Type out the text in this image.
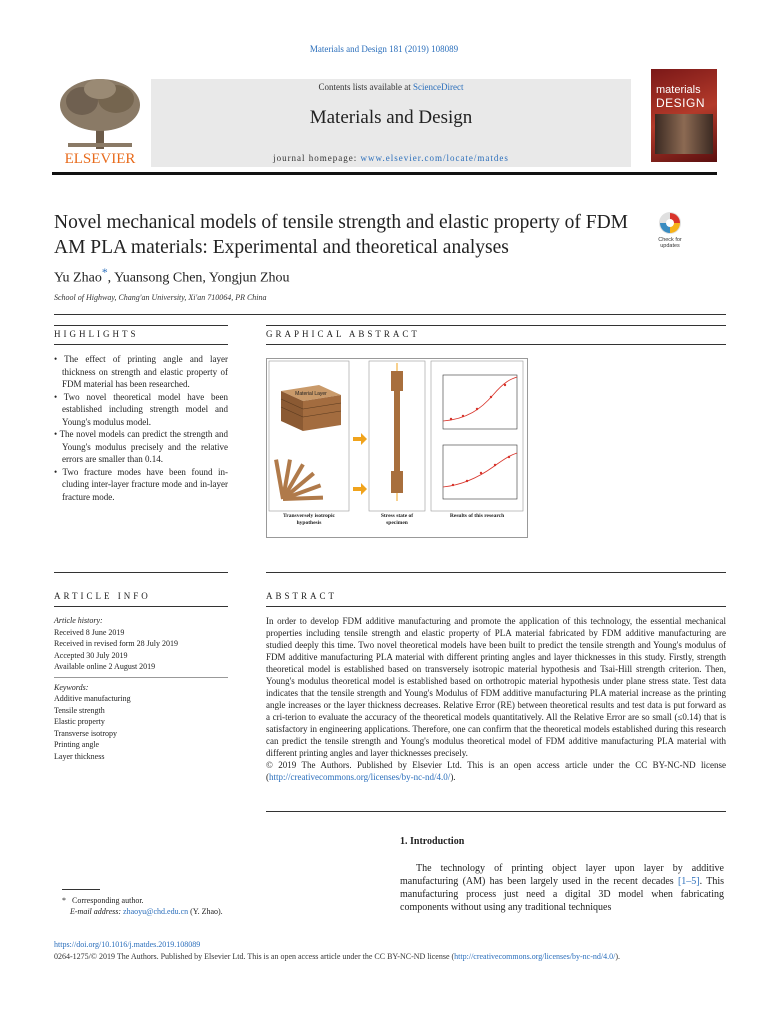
Materials and Design 181 (2019) 108089
ELSEVIER
Contents lists available at ScienceDirect
Materials and Design
journal homepage: www.elsevier.com/locate/matdes
materials
DESIGN
Novel mechanical models of tensile strength and elastic property of FDM AM PLA materials: Experimental and theoretical analyses	Check for
updates
Yu Zhao*, Yuansong Chen, Yongjun Zhou
School of Highway, Chang'an University, Xi'an 710064, PR China
HIGHLIGHTS
• The effect of printing angle and layer thickness on strength and elastic property of FDM material has been researched.
• Two novel theoretical model have been established including strength model and Young's modulus model.
• The novel models can predict the strength and Young's modulus precisely and the relative errors are smaller than 0.14.
• Two fracture modes have been found in-cluding inter-layer fracture mode and in-layer fracture mode.
GRAPHICAL ABSTRACT
Material Layer
Transversely isotropic
hypothesis
Stress state of
specimen
Results of this research
ARTICLE INFO
Article history:
Received 8 June 2019
Received in revised form 28 July 2019
Accepted 30 July 2019
Available online 2 August 2019
Keywords:
Additive manufacturing
Tensile strength
Elastic property
Transverse isotropy
Printing angle
Layer thickness
ABSTRACT
In order to develop FDM additive manufacturing and promote the application of this technology, the essential mechanical properties including tensile strength and elastic property of PLA material fabricated by FDM additive manufacturing are studied deeply this time. Two novel theoretical models have been built to predict the tensile strength and Young's modulus of FDM additive manufacturing PLA material with different printing angles and layer thicknesses in this study. Firstly, strength theoretical model is established based on transversely isotropic material hypothesis and Tsai-Hill strength criterion. Then, Young's modulus theoretical model is established based on orthotropic material hypothesis under plane stress state. Test data indicates that the tensile strength and Young's Modulus of FDM additive manufacturing PLA material increase as the printing angle increases or the layer thickness decreases. Relative Error (RE) between theoretical results and test data is put forward as a cri-terion to evaluate the accuracy of the theoretical models quantitatively. All the Relative Error are so small (≤0.14) that is satisfactory in engineering applications. Therefore, one can confirm that the theoretical models established during this research can predict the tensile strength and Young's modulus theoretical model of FDM additive manufacturing PLA material with different printing angles and layer thicknesses precisely.
© 2019 The Authors. Published by Elsevier Ltd. This is an open access article under the CC BY-NC-ND license (http://creativecommons.org/licenses/by-nc-nd/4.0/).
1. Introduction
The technology of printing object layer upon layer by additive manufacturing (AM) has been largely used in the recent decades [1–5]. This manufacturing process just need a digital 3D model when fabricating components without using any traditional techniques
* Corresponding author.
E-mail address: zhaoyu@chd.edu.cn (Y. Zhao).
https://doi.org/10.1016/j.matdes.2019.108089
0264-1275/© 2019 The Authors. Published by Elsevier Ltd. This is an open access article under the CC BY-NC-ND license (http://creativecommons.org/licenses/by-nc-nd/4.0/).
